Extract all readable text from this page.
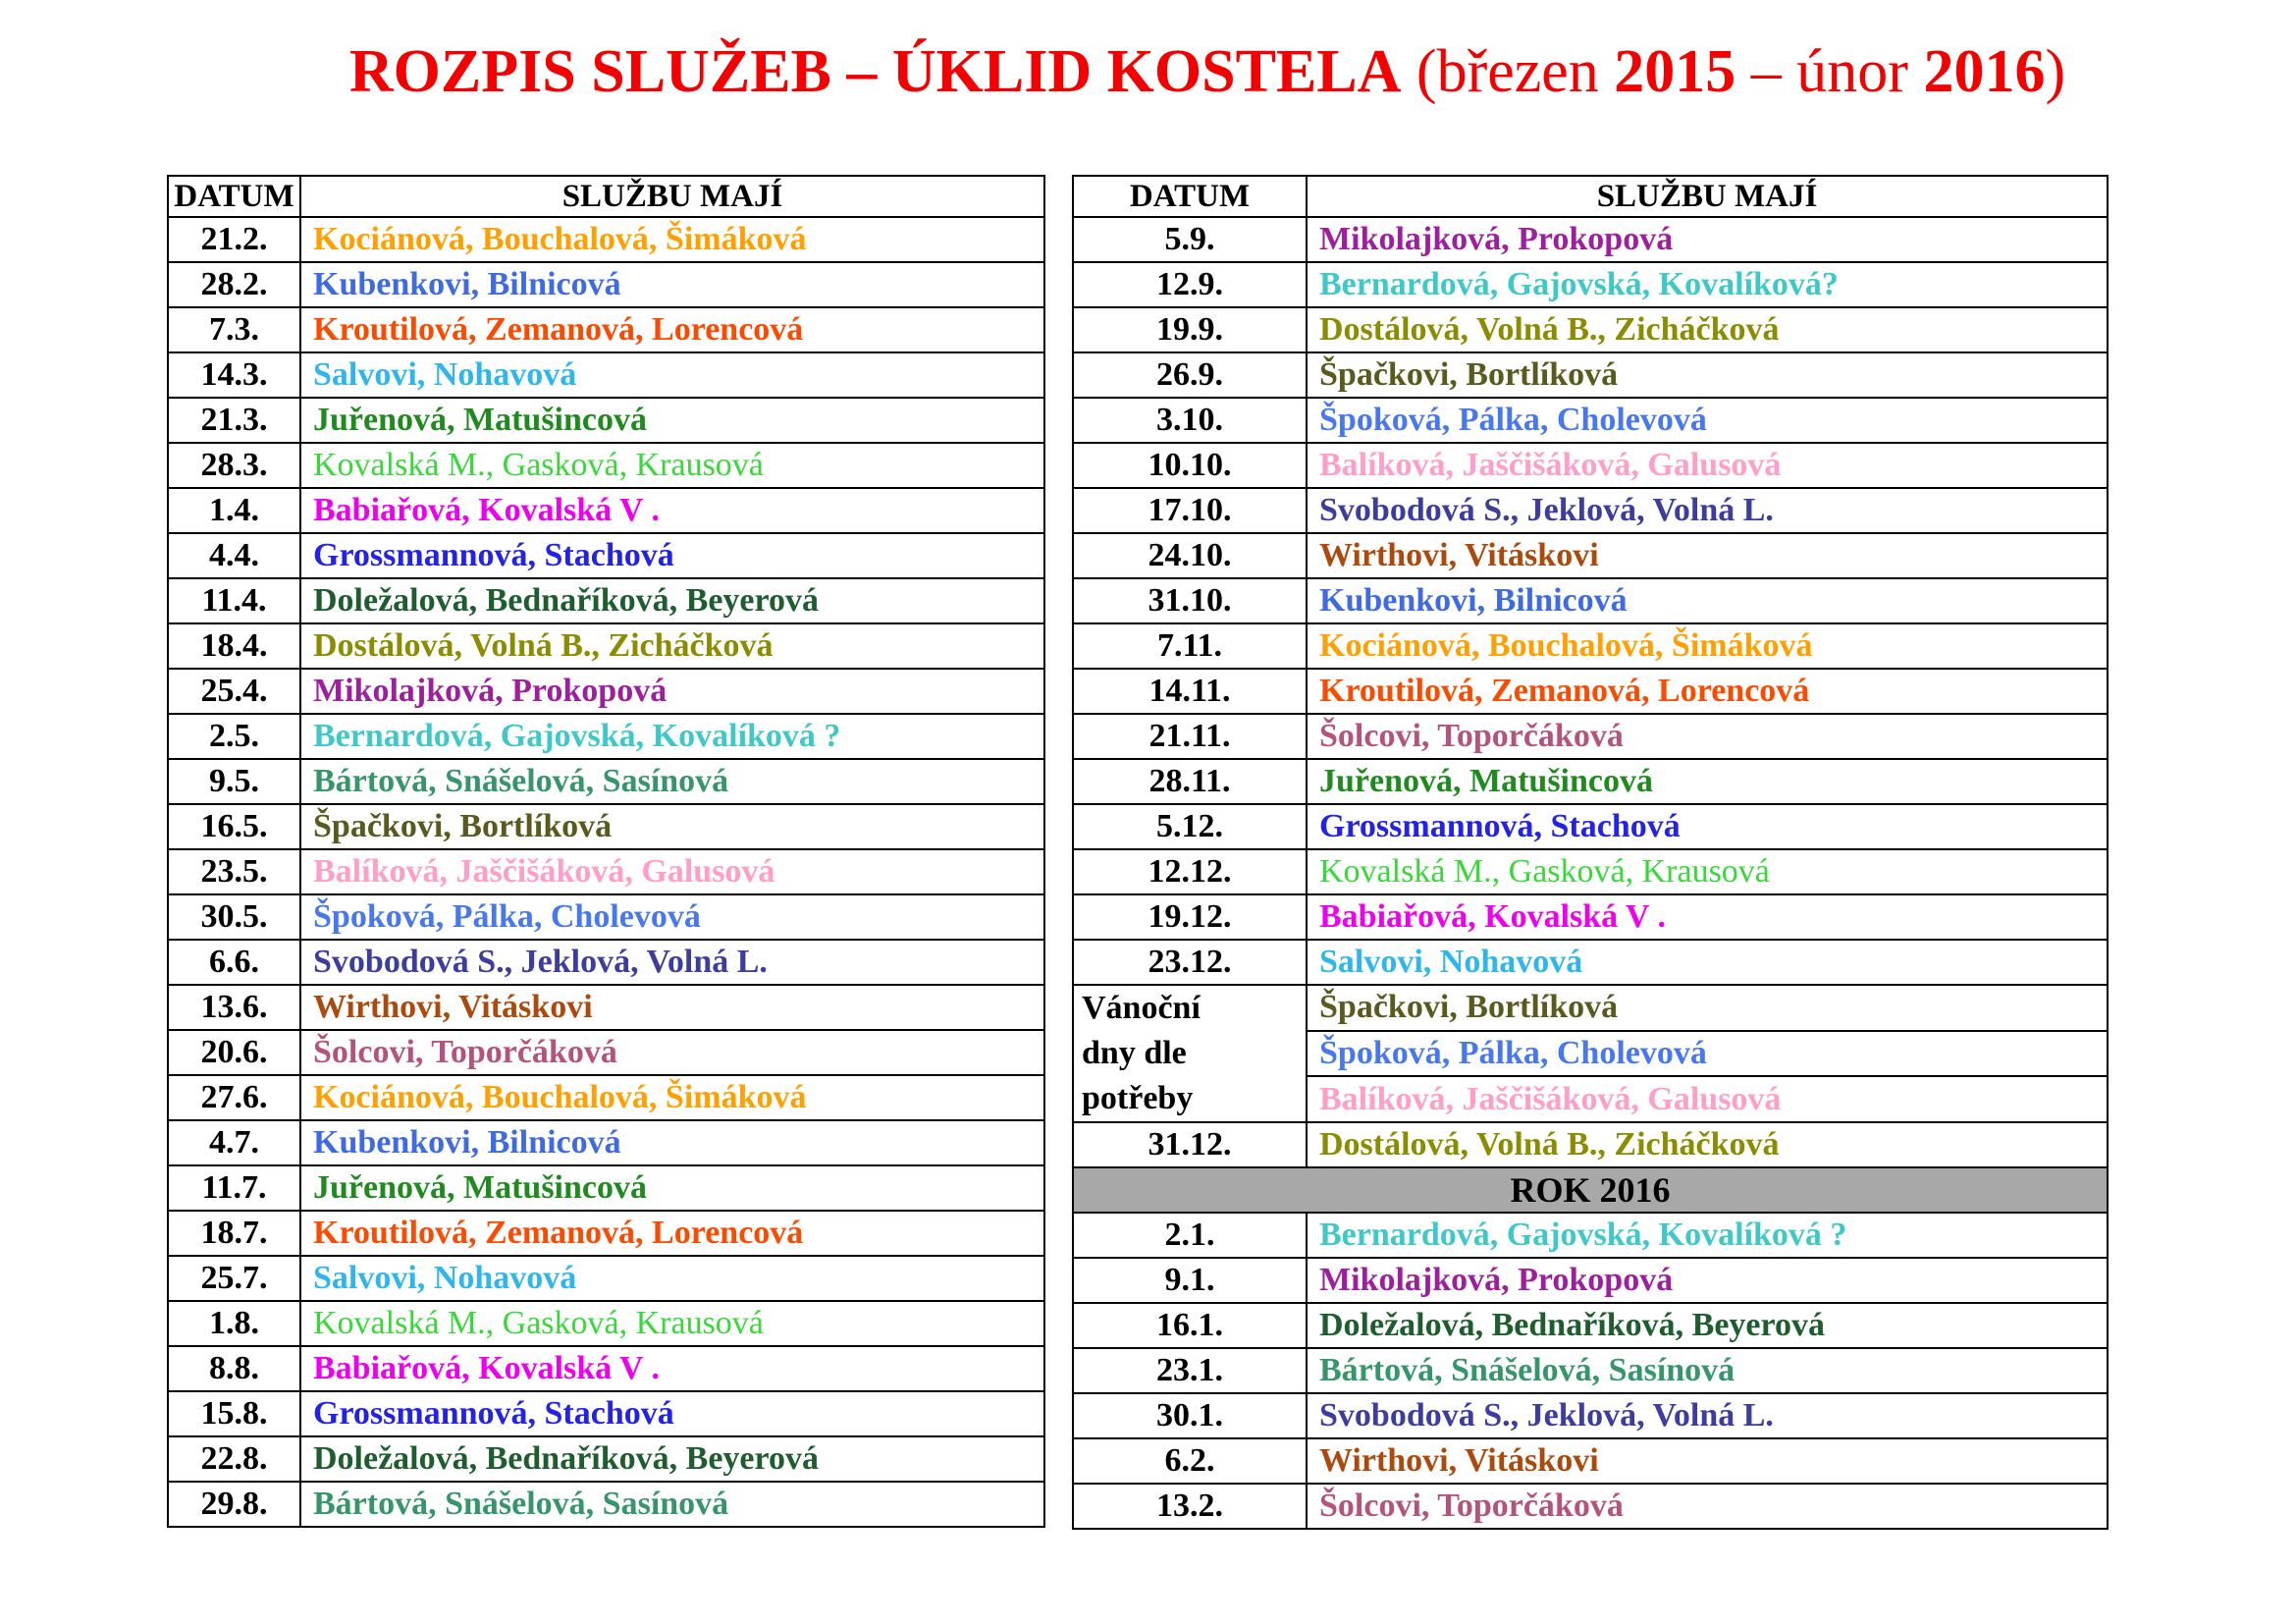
ROZPIS SLUŽEB – ÚKLID KOSTELA (březen 2015 – únor 2016)
DATUM	SLUŽBU MAJÍ
21.2.	Kociánová, Bouchalová, Šimáková
28.2.	Kubenkovi, Bilnicová
7.3.	Kroutilová, Zemanová, Lorencová
14.3.	Salvovi, Nohavová
21.3.	Juřenová, Matušincová
28.3.	Kovalská M., Gasková, Krausová
1.4.	Babiařová, Kovalská V .
4.4.	Grossmannová, Stachová
11.4.	Doležalová, Bednaříková, Beyerová
18.4.	Dostálová, Volná B., Zicháčková
25.4.	Mikolajková, Prokopová
2.5.	Bernardová, Gajovská, Kovalíková ?
9.5.	Bártová, Snášelová, Sasínová
16.5.	Špačkovi, Bortlíková
23.5.	Balíková, Jaščišáková, Galusová
30.5.	Špoková, Pálka, Cholevová
6.6.	Svobodová S., Jeklová, Volná L.
13.6.	Wirthovi, Vitáskovi
20.6.	Šolcovi, Toporčáková
27.6.	Kociánová, Bouchalová, Šimáková
4.7.	Kubenkovi, Bilnicová
11.7.	Juřenová, Matušincová
18.7.	Kroutilová, Zemanová, Lorencová
25.7.	Salvovi, Nohavová
1.8.	Kovalská M., Gasková, Krausová
8.8.	Babiařová, Kovalská V .
15.8.	Grossmannová, Stachová
22.8.	Doležalová, Bednaříková, Beyerová
29.8.	Bártová, Snášelová, Sasínová
DATUM	SLUŽBU MAJÍ
5.9.	Mikolajková, Prokopová
12.9.	Bernardová, Gajovská, Kovalíková?
19.9.	Dostálová, Volná B., Zicháčková
26.9.	Špačkovi, Bortlíková
3.10.	Špoková, Pálka, Cholevová
10.10.	Balíková, Jaščišáková, Galusová
17.10.	Svobodová S., Jeklová, Volná L.
24.10.	Wirthovi, Vitáskovi
31.10.	Kubenkovi, Bilnicová
7.11.	Kociánová, Bouchalová, Šimáková
14.11.	Kroutilová, Zemanová, Lorencová
21.11.	Šolcovi, Toporčáková
28.11.	Juřenová, Matušincová
5.12.	Grossmannová, Stachová
12.12.	Kovalská M., Gasková, Krausová
19.12.	Babiařová, Kovalská V .
23.12.	Salvovi, Nohavová

Vánoční
dny dle
potřeby	Špačkovi, Bortlíková
	Špoková, Pálka, Cholevová
	Balíková, Jaščišáková, Galusová
31.12.	Dostálová, Volná B., Zicháčková
ROK 2016	
2.1.	Bernardová, Gajovská, Kovalíková ?
9.1.	Mikolajková, Prokopová
16.1.	Doležalová, Bednaříková, Beyerová
23.1.	Bártová, Snášelová, Sasínová
30.1.	Svobodová S., Jeklová, Volná L.
6.2.	Wirthovi, Vitáskovi
13.2.	Šolcovi, Toporčáková
